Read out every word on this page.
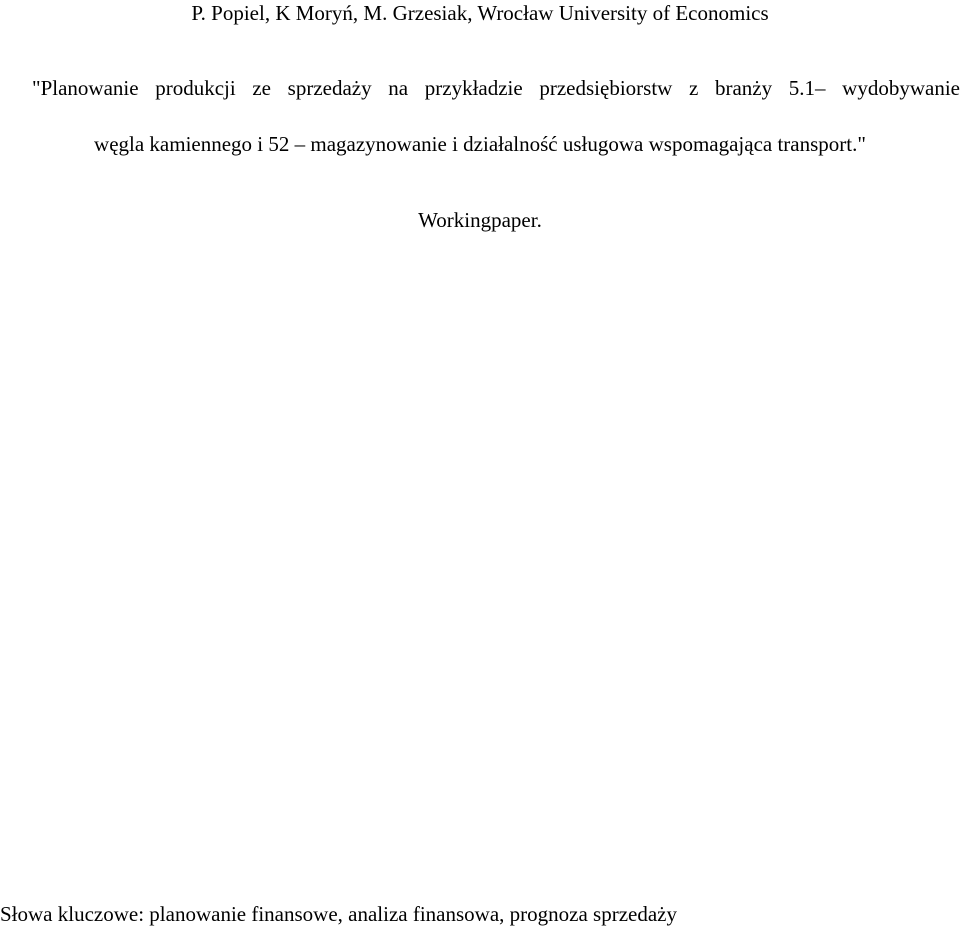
P. Popiel, K Moryń, M. Grzesiak, Wrocław University of Economics
"Planowanie produkcji ze sprzedaży na przykładzie przedsiębiorstw z branży 5.1– wydobywanie
węgla kamiennego i 52 – magazynowanie i działalność usługowa wspomagająca transport."
Workingpaper.
Słowa kluczowe: planowanie finansowe, analiza finansowa, prognoza sprzedaży
